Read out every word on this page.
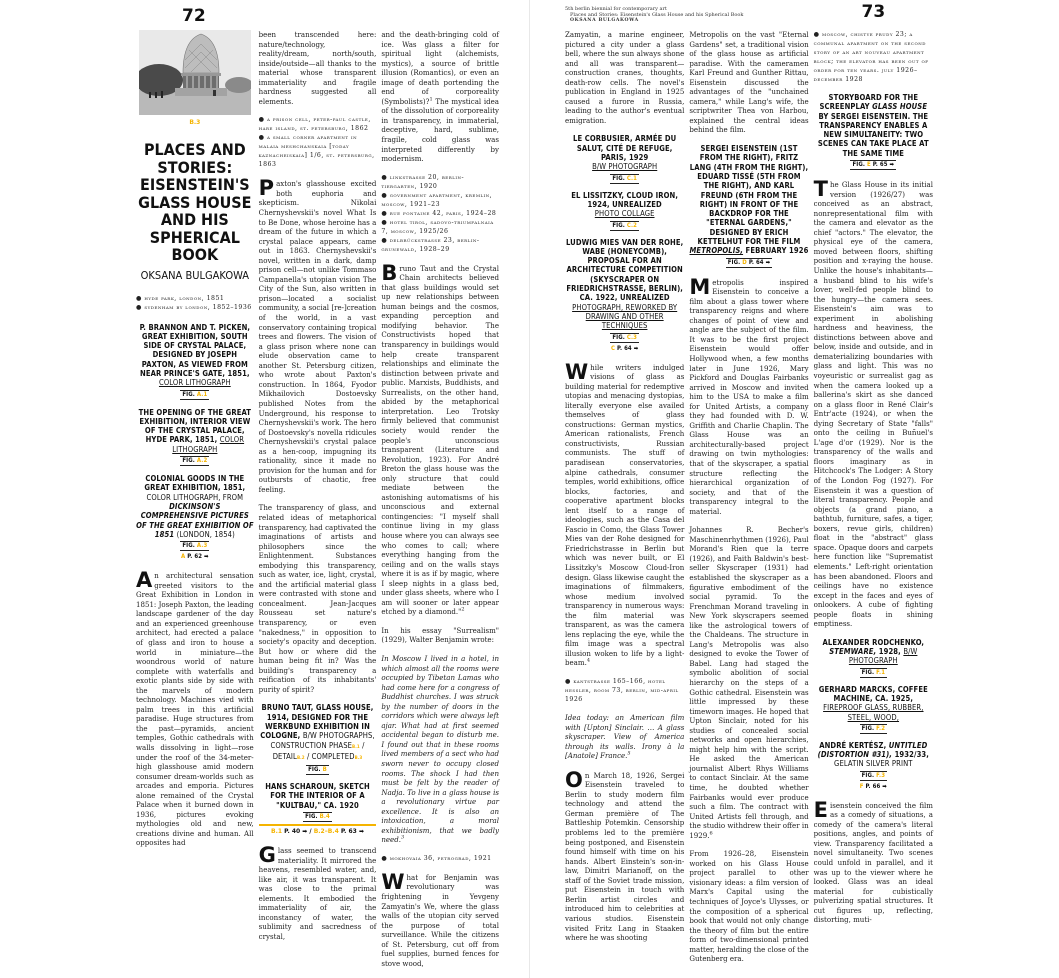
72
B.3
PLACES AND STORIES: EISENSTEIN'S GLASS HOUSE AND HIS SPHERICAL BOOK
OKSANA BULGAKOWA
● hyde park, london, 1851
● sydenham by london, 1852–1936
P. BRANNON AND T. PICKEN, GREAT EXHIBITION, SOUTH SIDE OF CRYSTAL PALACE, DESIGNED BY JOSEPH PAXTON, AS VIEWED FROM NEAR PRINCE'S GATE, 1851, COLOR LITHOGRAPH
FIG. A.1
THE OPENING OF THE GREAT EXHIBITION, INTERIOR VIEW OF THE CRYSTAL PALACE, HYDE PARK, 1851, COLOR LITHOGRAPH
FIG. A.2
COLONIAL GOODS IN THE GREAT EXHIBITION, 1851, COLOR LITHOGRAPH, FROM DICKINSON'S COMPREHENSIVE PICTURES OF THE GREAT EXHIBITION OF 1851 (LONDON, 1854)
FIG. A.3
A P. 62 ➡

An architectural sensation greeted visitors to the Great Exhibition in London in 1851: Joseph Paxton, the leading landscape gardener of the day and an experienced greenhouse architect, had erected a palace of glass and iron to house a world in miniature—the woondrous world of nature complete with waterfalls and exotic plants side by side with the marvels of modern technology. Machines vied with palm trees in this artificial paradise. Huge structures from the past—pyramids, ancient temples, Gothic cathedrals with walls dissolving in light—rose under the roof of the 34-meter-high glasshouse amid modern consumer dream-worlds such as arcades and emporia. Pictures alone remained of the Crystal Palace when it burned down in 1936, pictures evoking mythologies old and new, creations divine and human. All opposites had

been transcended here: nature/technology, reality/dream, north/south, inside/outside—all thanks to the material whose transparent immateriality and fragile hardness suggested all elements.

● a prison cell, peter-paul castle, hare island, st. petersburg, 1862
● a small corner apartment in malaia meshchanskaia [today kaznacheiskaia] 1/6, st. petersburg, 1863

Paxton's glasshouse excited both euphoria and skepticism. Nikolai Chernyshevskii's novel What Is to Be Done, whose heroine has a dream of the future in which a crystal palace appears, came out in 1863. Chernyshevskii's novel, written in a dark, damp prison cell—not unlike Tommaso Campanella's utopian vision The City of the Sun, also written in prison—located a socialist community, a social [re-]creation of the world, in a vast conservatory containing tropical trees and flowers. The vision of a glass prison where none can elude observation came to another St. Petersburg citizen, who wrote about Paxton's construction. In 1864, Fyodor Mikhailovich Dostoevsky published Notes from the Underground, his response to Chernyshevskii's work. The hero of Dostoevsky's novella ridicules Chernyshevskii's crystal palace as a hen-coop, impugning its rationality, since it made no provision for the human and for outbursts of chaotic, free feeling.

The transparency of glass, and related ideas of metaphorical transparency, had captivated the imaginations of artists and philosophers since the Enlightenment. Substances embodying this transparency, such as water, ice, light, crystal, and the artificial material glass were contrasted with stone and concealment. Jean-Jacques Rousseau set nature's transparency, or even "nakedness," in opposition to society's opacity and deception. But how or where did the human being fit in? Was the building's transparency a reification of its inhabitants' purity of spirit?

BRUNO TAUT, GLASS HOUSE, 1914, DESIGNED FOR THE WERKBUND EXHIBITION IN COLOGNE, B/W PHOTOGRAPHS, CONSTRUCTION PHASEB.1 / DETAILB.2 / COMPLETEDB.3
FIG. B
HANS SCHAROUN, SKETCH FOR THE INTERIOR OF A "KULTBAU," CA. 1920
FIG. B.4
B.1 P. 40 ➡ / B.2–B.4 P. 63 ➡

Glass seemed to transcend materiality. It mirrored the heavens, resembled water, and, like air, it was transparent. It was close to the primal elements. It embodied the immateriality of air, the inconstancy of water, the sublimity and sacredness of crystal,

and the death-bringing cold of ice. Was glass a filter for spiritual light (alchemists, mystics), a source of brittle illusion (Romantics), or even an image of death portending the end of corporeality (Symbolists)?$^1$ The mystical idea of the dissolution of corporeality in transparency, in immaterial, deceptive, hard, sublime, fragile, cold glass was interpreted differently by modernism.

● linkstrasse 20, berlin-tiergarten, 1920
● government apartment, kremlin, moscow, 1921–23
● rue fontaine 42, paris, 1924–28
● hotel tirol, sadovo-triumfalnaia 7, moscow, 1925/26
● delbrückstrasse 23, berlin-grunewald, 1928–29

Bruno Taut and the Crystal Chain architects believed that glass buildings would set up new relationships between human beings and the cosmos, expanding perception and modifying behavior. The Constructivists hoped that transparency in buildings would help create transparent relationships and eliminate the distinction between private and public. Marxists, Buddhists, and Surrealists, on the other hand, abided by the metaphorical interpretation. Leo Trotsky firmly believed that communist society would render the people's unconscious transparent (Literature and Revolution, 1923). For André Breton the glass house was the only structure that could mediate between the astonishing automatisms of his unconscious and external contingencies: "I myself shall continue living in my glass house where you can always see who comes to call; where everything hanging from the ceiling and on the walls stays where it is as if by magic, where I sleep nights in a glass bed, under glass sheets, where who I am will sooner or later appear etched by a diamond."$^2$

In his essay "Surrealism" (1929), Walter Benjamin wrote:

In Moscow I lived in a hotel, in which almost all the rooms were occupied by Tibetan Lamas who had come here for a congress of Buddhist churches. I was struck by the number of doors in the corridors which were always left ajar. What had at first seemed accidental began to disturb me. I found out that in these rooms lived members of a sect who had sworn never to occupy closed rooms. The shock I had then must be felt by the reader of Nadja. To live in a glass house is a revolutionary virtue par excellence. It is also an intoxication, a moral exhibitionism, that we badly need.$^3$

● mokhovaia 36, petrograd, 1921

What for Benjamin was revolutionary was frightening in Yevgeny Zamyatin's We, where the glass walls of the utopian city served the purpose of total surveillance. While the citizens of St. Petersburg, cut off from fuel supplies, burned fences for stove wood,

5th berlin biennial for contemporary art
Places and Stories: Eisenstein's Glass House and his Spherical Book
OKSANA BULGAKOWA

Zamyatin, a marine engineer, pictured a city under a glass bell, where the sun always shone and all was transparent—construction cranes, thoughts, death-row cells. The novel's publication in England in 1925 caused a furore in Russia, leading to the author's eventual emigration.

LE CORBUSIER, ARMÉE DU SALUT, CITÉ DE REFUGE, PARIS, 1929
B/W PHOTOGRAPH
FIG. C.1
EL LISSITZKY, CLOUD IRON, 1924, UNREALIZED
PHOTO COLLAGE
FIG. C.2
LUDWIG MIES VAN DER ROHE, WABE (HONEYCOMB), PROPOSAL FOR AN ARCHITECTURE COMPETITION (SKYSCRAPER ON FRIEDRICHSTRASSE, BERLIN), CA. 1922, UNREALIZED
PHOTOGRAPH, REWORKED BY DRAWING AND OTHER TECHNIQUES
FIG. C.3
C P. 64 ➡

While writers indulged visions of glass as building material for redemptive utopias and menacing dystopias, literally everyone else availed themselves of glass constructions: German mystics, American rationalists, French constructivists, Russian communists. The stuff of paradisean conservatories, alpine cathedrals, consumer temples, world exhibitions, office blocks, factories, and cooperative apartment blocks lent itself to a range of ideologies, such as the Casa del Fascio in Como, the Glass Tower Mies van der Rohe designed for Friedrichstrasse in Berlin but which was never built, or El Lissitzky's Moscow Cloud-Iron design. Glass likewise caught the imaginations of filmmakers, whose medium involved transparency in numerous ways: the film material was transparent, as was the camera lens replacing the eye, while the film image was a spectral illusion woken to life by a light-beam.$^4$

● kantstrasse 165–166, hotel hessler, room 73, berlin, mid-april 1926

Idea today: an American film with [Upton] Sinclair. … A glass skyscraper. View of America through its walls. Irony à la [Anatole] France.$^5$

On March 18, 1926, Sergei Eisenstein traveled to Berlin to study modern film technology and attend the German première of The Battleship Potemkin. Censorship problems led to the première being postponed, and Eisenstein found himself with time on his hands. Albert Einstein's son-in-law, Dimitri Marianoff, on the staff of the Soviet trade mission, put Eisenstein in touch with Berlin artist circles and introduced him to celebrities at various studios. Eisenstein visited Fritz Lang in Staaken where he was shooting

Metropolis on the vast "Eternal Gardens" set, a traditional vision of the glass house as artificial paradise. With the cameramen Karl Freund and Gunther Rittau, Eisenstein discussed the advantages of the "unchained camera," while Lang's wife, the scriptwriter Thea von Harbou, explained the central ideas behind the film.

SERGEI EISENSTEIN (1ST FROM THE RIGHT), FRITZ LANG (4TH FROM THE RIGHT), EDUARD TISSÉ (5TH FROM THE RIGHT), AND KARL FREUND (6TH FROM THE RIGHT) IN FRONT OF THE BACKDROP FOR THE "ETERNAL GARDENS," DESIGNED BY ERICH KETTELHUT FOR THE FILM METROPOLIS, FEBRUARY 1926
FIG. D P. 64 ➡

Metropolis inspired Eisenstein to conceive a film about a glass tower where transparency reigns and where changes of point of view and angle are the subject of the film. It was to be the first project Eisenstein would offer Hollywood when, a few months later in June 1926, Mary Pickford and Douglas Fairbanks arrived in Moscow and invited him to the USA to make a film for United Artists, a company they had founded with D. W. Griffith and Charlie Chaplin. The Glass House was an architecturally-based project drawing on twin mythologies: that of the skyscraper, a spatial structure reflecting the hierarchical organization of society, and that of the transparency integral to the material.

Johannes R. Becher's Maschinenrhythmen (1926), Paul Morand's Rien que la terre (1926), and Faith Baldwin's best-seller Skyscraper (1931) had established the skyscraper as a figurative embodiment of the social pyramid. To the Frenchman Morand traveling in New York skyscrapers seemed like the astrological towers of the Chaldeans. The structure in Lang's Metropolis was also designed to evoke the Tower of Babel. Lang had staged the symbolic abolition of social hierarchy on the steps of a Gothic cathedral. Eisenstein was little impressed by these timeworn images. He hoped that Upton Sinclair, noted for his studies of concealed social networks and open hierarchies, might help him with the script. He asked the American journalist Albert Rhys Williams to contact Sinclair. At the same time, he doubted whether Fairbanks would ever produce such a film. The contract with United Artists fell through, and the studio withdrew their offer in 1929.$^6$

From 1926–28, Eisenstein worked on his Glass House project parallel to other visionary ideas: a film version of Marx's Capital using the techniques of Joyce's Ulysses, or the composition of a spherical book that would not only change the theory of film but the entire form of two-dimensional printed matter, heralding the close of the Gutenberg era.

73
● moscow, chistye prudy 23; a communal apartment on the second story of an art nouveau apartment block; the elevator has been out of order for ten years. july 1926–december 1928
STORYBOARD FOR THE SCREENPLAY GLASS HOUSE BY SERGEI EISENSTEIN. THE TRANSPARENCY ENABLES A NEW SIMULTANEITY: TWO SCENES CAN TAKE PLACE AT THE SAME TIME
FIG. E P. 65 ➡

The Glass House in its initial version (1926/27) was conceived as an abstract, nonrepresentational film with the camera and elevator as the chief "actors." The elevator, the physical eye of the camera, moved between floors, shifting position and x-raying the house. Unlike the house's inhabitants—a husband blind to his wife's lover, well-fed people blind to the hungry—the camera sees. Eisenstein's aim was to experiment in abolishing hardness and heaviness, the distinctions between above and below, inside and outside, and in dematerializing boundaries with glass and light. This was no voyeuristic or surrealist gag as when the camera looked up a ballerina's skirt as she danced on a glass floor in René Clair's Entr'acte (1924), or when the dying Secretary of State "falls" onto the ceiling in Buñuel's L'age d'or (1929). Nor is the transparency of the walls and floors imaginary as in Hitchcock's The Lodger: A Story of the London Fog (1927). For Eisenstein it was a question of literal transparency. People and objects (a grand piano, a bathtub, furniture, safes, a tiger, boxers, revue girls, children) float in the "abstract" glass space. Opaque doors and carpets here function like "Suprematist elements." Left-right orientation has been abandoned. Floors and ceilings have no existence except in the faces and eyes of onlookers. A cube of fighting people floats in shining emptiness.

ALEXANDER RODCHENKO, STEMWARE, 1928, B/W PHOTOGRAPH
FIG. F.1
GERHARD MARCKS, COFFEE MACHINE, CA. 1925, FIREPROOF GLASS, RUBBER, STEEL, WOOD,
FIG. F.2
ANDRÉ KERTÉSZ, UNTITLED (DISTORTION #31), 1932/33, GELATIN SILVER PRINT
FIG. F.3
F P. 66 ➡

Eisenstein conceived the film as a comedy of situations, a comedy of the camera's literal positions, angles, and points of view. Transparency facilitated a novel simultaneity. Two scenes could unfold in parallel, and it was up to the viewer where he looked. Glass was an ideal material for cubistically pulverizing spatial structures. It cut figures up, reflecting, distorting, muti-
